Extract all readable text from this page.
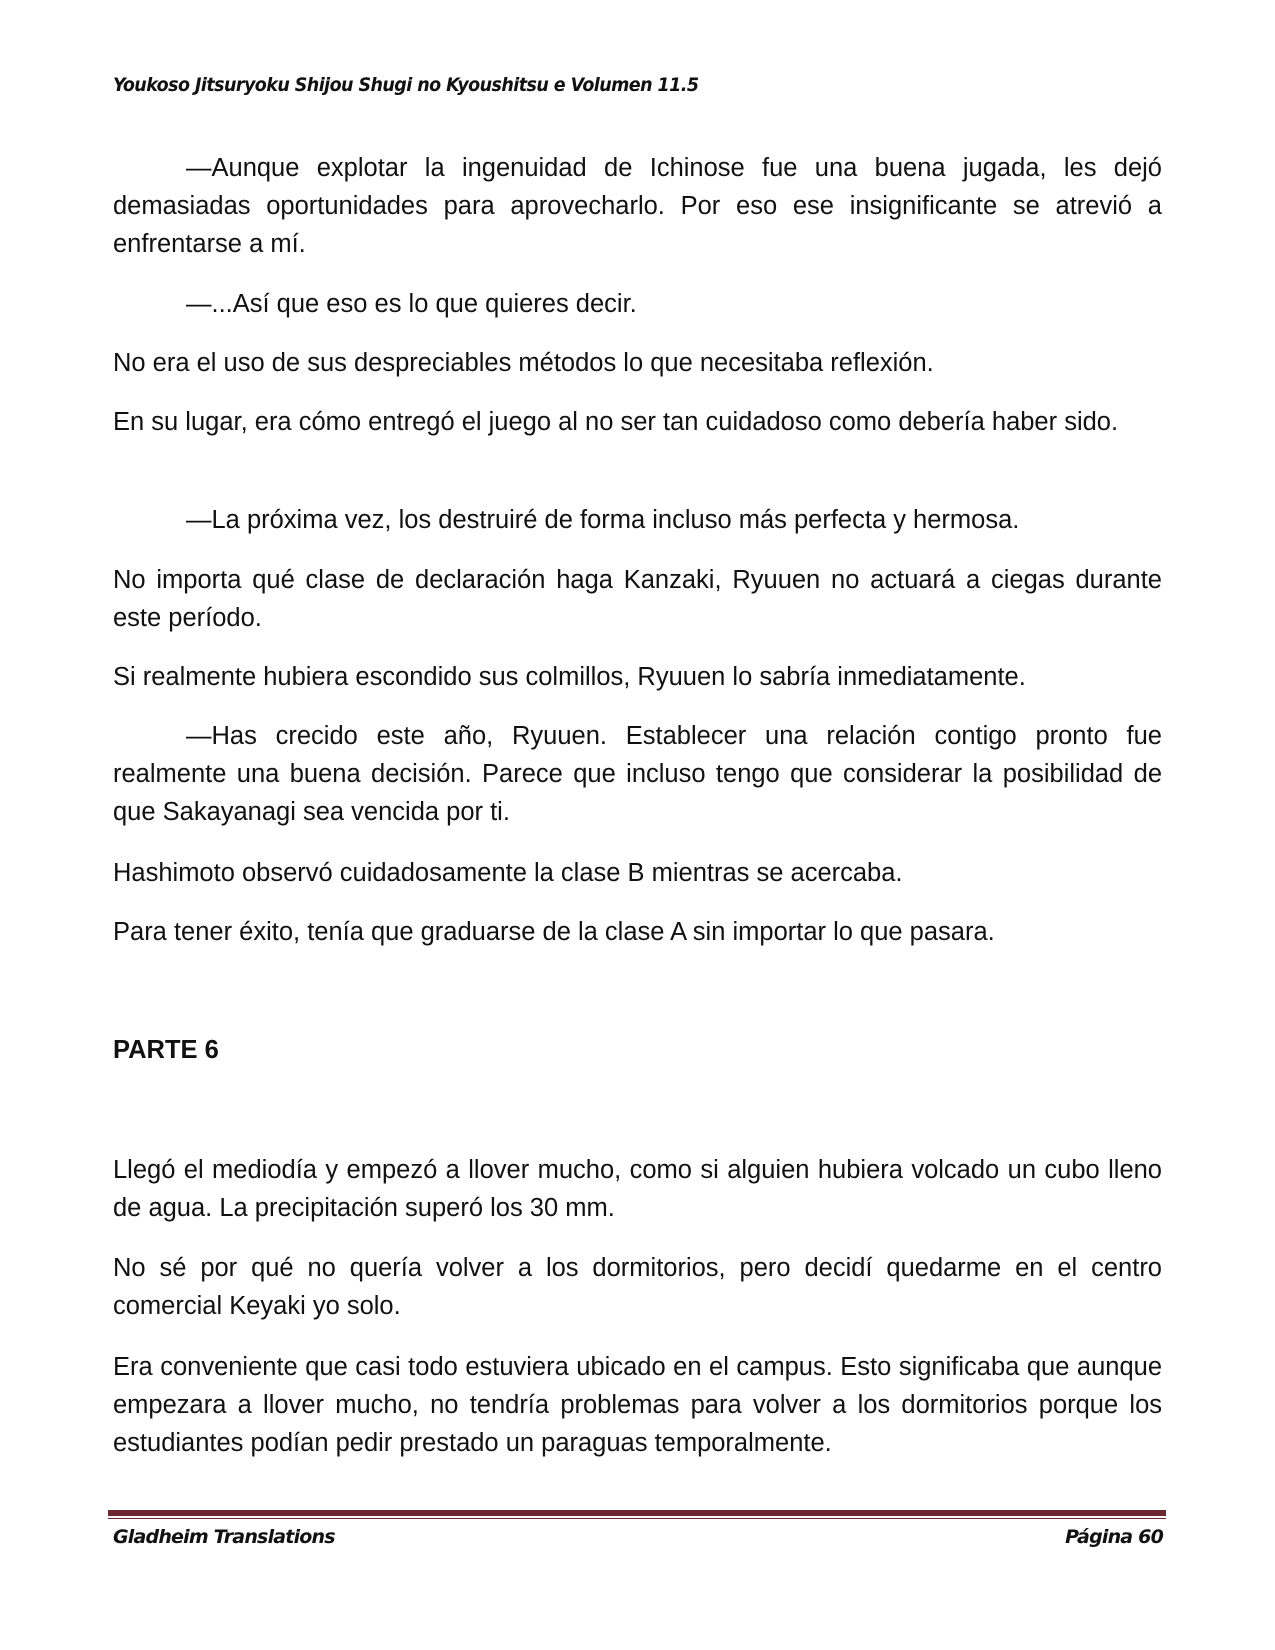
Youkoso Jitsuryoku Shijou Shugi no Kyoushitsu e Volumen 11.5

—Aunque explotar la ingenuidad de Ichinose fue una buena jugada, les dejó demasiadas oportunidades para aprovecharlo. Por eso ese insignificante se atrevió a enfrentarse a mí.

—...Así que eso es lo que quieres decir.

No era el uso de sus despreciables métodos lo que necesitaba reflexión.

En su lugar, era cómo entregó el juego al no ser tan cuidadoso como debería haber sido.

—La próxima vez, los destruiré de forma incluso más perfecta y hermosa.

No importa qué clase de declaración haga Kanzaki, Ryuuen no actuará a ciegas durante este período.

Si realmente hubiera escondido sus colmillos, Ryuuen lo sabría inmediatamente.

—Has crecido este año, Ryuuen. Establecer una relación contigo pronto fue realmente una buena decisión. Parece que incluso tengo que considerar la posibilidad de que Sakayanagi sea vencida por ti.

Hashimoto observó cuidadosamente la clase B mientras se acercaba.

Para tener éxito, tenía que graduarse de la clase A sin importar lo que pasara.

PARTE 6

Llegó el mediodía y empezó a llover mucho, como si alguien hubiera volcado un cubo lleno de agua. La precipitación superó los 30 mm.

No sé por qué no quería volver a los dormitorios, pero decidí quedarme en el centro comercial Keyaki yo solo.

Era conveniente que casi todo estuviera ubicado en el campus. Esto significaba que aunque empezara a llover mucho, no tendría problemas para volver a los dormitorios porque los estudiantes podían pedir prestado un paraguas temporalmente.

Gladheim Translations	Página 60
